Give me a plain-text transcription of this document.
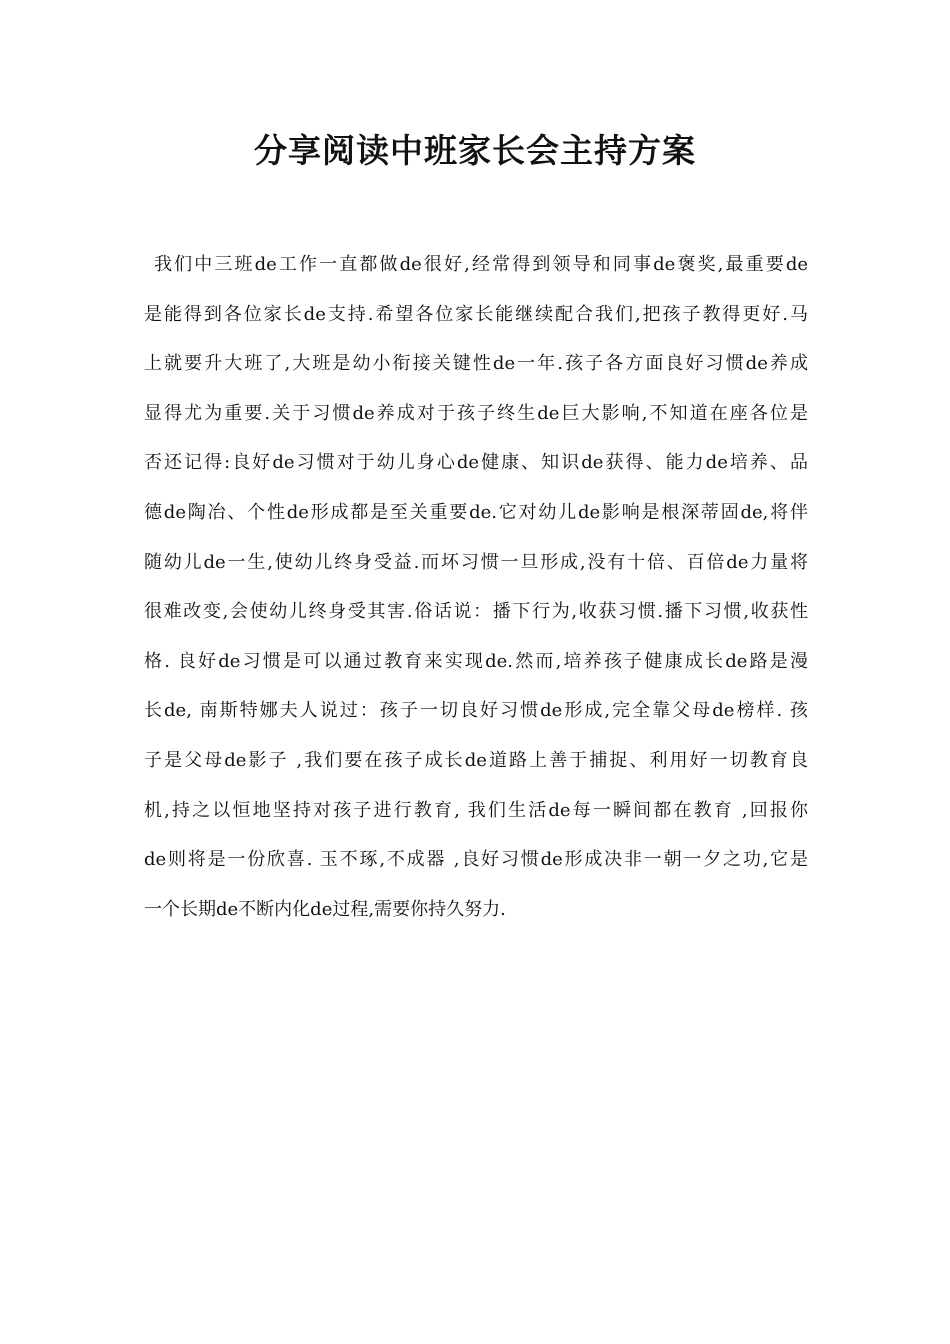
分享阅读中班家长会主持方案
我们中三班de工作一直都做de很好,经常得到领导和同事de褒奖,最重要de
是能得到各位家长de支持.希望各位家长能继续配合我们,把孩子教得更好.马
上就要升大班了,大班是幼小衔接关键性de一年.孩子各方面良好习惯de养成
显得尤为重要.关于习惯de养成对于孩子终生de巨大影响,不知道在座各位是
否还记得:良好de习惯对于幼儿身心de健康、知识de获得、能力de培养、品
德de陶冶、个性de形成都是至关重要de.它对幼儿de影响是根深蒂固de,将伴
随幼儿de一生,使幼儿终身受益.而坏习惯一旦形成,没有十倍、百倍de力量将
很难改变,会使幼儿终身受其害.俗话说：播下行为,收获习惯.播下习惯,收获性
格. 良好de习惯是可以通过教育来实现de.然而,培养孩子健康成长de路是漫
长de, 南斯特娜夫人说过：孩子一切良好习惯de形成,完全靠父母de榜样. 孩
子是父母de影子 ,我们要在孩子成长de道路上善于捕捉、利用好一切教育良
机,持之以恒地坚持对孩子进行教育, 我们生活de每一瞬间都在教育 ,回报你
de则将是一份欣喜. 玉不琢,不成器 ,良好习惯de形成决非一朝一夕之功,它是
一个长期de不断内化de过程,需要你持久努力.
